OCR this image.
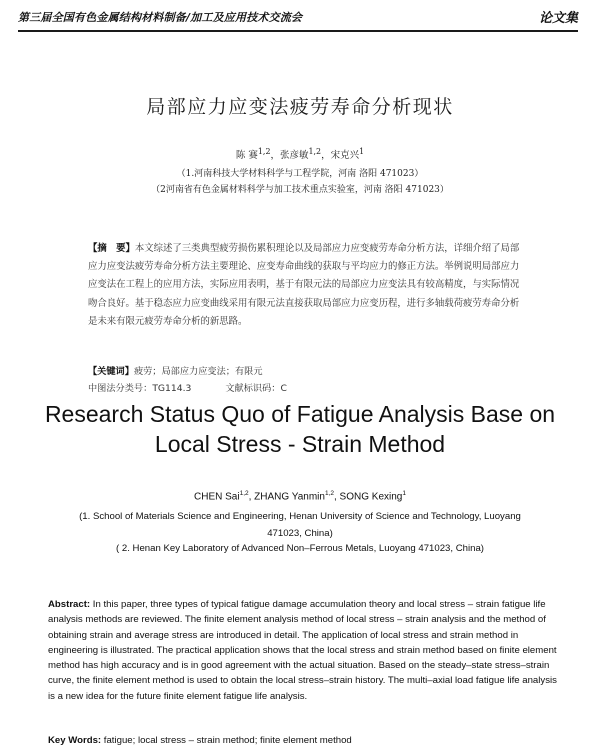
第三届全国有色金属结构材料制备/加工及应用技术交流会	论文集
局部应力应变法疲劳寿命分析现状
陈 赛$^{1,2}$，张彦敏$^{1,2}$，宋克兴$^1$
（1.河南科技大学材料科学与工程学院，河南 洛阳 471023）
（2河南省有色金属材料科学与加工技术重点实验室，河南 洛阳 471023）
【摘　要】本文综述了三类典型疲劳损伤累积理论以及局部应力应变疲劳寿命分析方法，详细介绍了局部应力应变法疲劳寿命分析方法主要理论、应变寿命曲线的获取与平均应力的修正方法。举例说明局部应力应变法在工程上的应用方法，实际应用表明，基于有限元法的局部应力应变法具有较高精度，与实际情况吻合良好。基于稳态应力应变曲线采用有限元法直接获取局部应力应变历程，进行多轴载荷疲劳寿命分析是未来有限元疲劳寿命分析的新思路。
【关键词】疲劳；局部应力应变法；有限元
中图法分类号：TG114.3	文献标识码：C
Research Status Quo of Fatigue Analysis Base on
Local Stress - Strain Method
CHEN Sai$^{1,2}$, ZHANG Yanmin$^{1,2}$, SONG Kexing$^1$
(1. School of Materials Science and Engineering, Henan University of Science and Technology, Luoyang
471023, China)
( 2. Henan Key Laboratory of Advanced Non–Ferrous Metals, Luoyang 471023, China)
Abstract: In this paper, three types of typical fatigue damage accumulation theory and local stress – strain fatigue life analysis methods are reviewed. The finite element analysis method of local stress – strain analysis and the method of obtaining strain and average stress are introduced in detail. The application of local stress and strain method in engineering is illustrated. The practical application shows that the local stress and strain method based on finite element method has high accuracy and is in good agreement with the actual situation. Based on the steady–state stress–strain curve, the finite element method is used to obtain the local stress–strain history. The multi–axial load fatigue life analysis is a new idea for the future finite element fatigue life analysis.
Key Words: fatigue; local stress – strain method; finite element method
